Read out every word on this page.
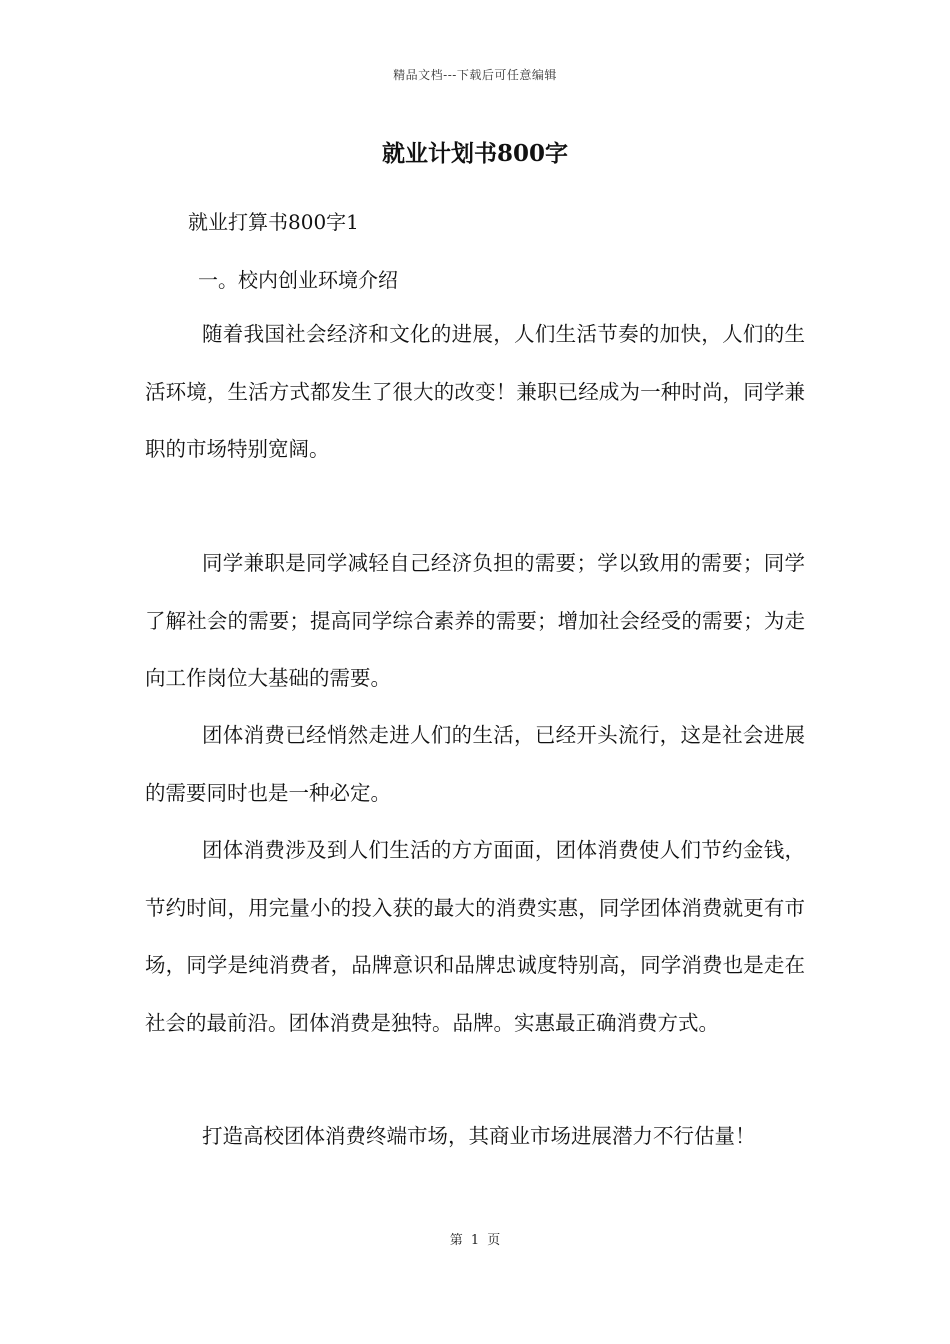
精品文档---下载后可任意编辑
就业计划书800字
就业打算书800字1
一。校内创业环境介绍

随着我国社会经济和文化的进展，人们生活节奏的加快，人们的生活环境，生活方式都发生了很大的改变！兼职已经成为一种时尚，同学兼职的市场特别宽阔。

同学兼职是同学减轻自己经济负担的需要；学以致用的需要；同学了解社会的需要；提高同学综合素养的需要；增加社会经受的需要；为走向工作岗位大基础的需要。

团体消费已经悄然走进人们的生活，已经开头流行，这是社会进展的需要同时也是一种必定。

团体消费涉及到人们生活的方方面面，团体消费使人们节约金钱，节约时间，用完量小的投入获的最大的消费实惠，同学团体消费就更有市场，同学是纯消费者，品牌意识和品牌忠诚度特别高，同学消费也是走在社会的最前沿。团体消费是独特。品牌。实惠最正确消费方式。

打造高校团体消费终端市场，其商业市场进展潜力不行估量！

第 1 页
